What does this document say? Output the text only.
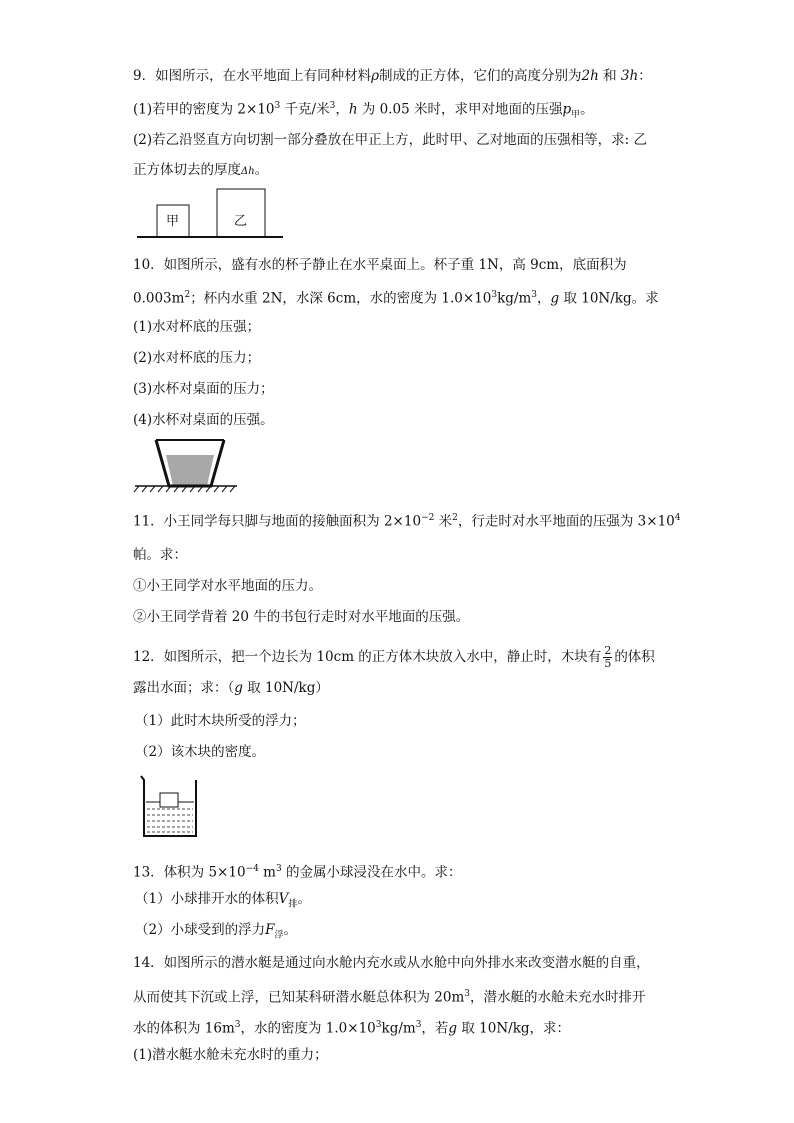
9．如图所示，在水平地面上有同种材料ρ制成的正方体，它们的高度分别为2h 和 3h：
(1)若甲的密度为 $2\times 10^3$ 千克/米$^3$，h 为 0.05 米时，求甲对地面的压强$p_甲$。
(2)若乙沿竖直方向切割一部分叠放在甲正上方，此时甲、乙对地面的压强相等，求: 乙
正方体切去的厚度Δh。
甲	乙
10．如图所示，盛有水的杯子静止在水平桌面上。杯子重 1N，高 9cm，底面积为
$0.003m^2$；杯内水重 2N，水深 6cm，水的密度为 $1.0\times 10^3kg/m^3$，g 取 10N/kg。求
(1)水对杯底的压强；
(2)水对杯底的压力；
(3)水杯对桌面的压力；
(4)水杯对桌面的压强。
11．小王同学每只脚与地面的接触面积为 $2\times 10^{-2}$ 米$^2$，行走时对水平地面的压强为 $3\times 10^4$
帕。求：
①小王同学对水平地面的压力。
②小王同学背着 20 牛的书包行走时对水平地面的压强。
12．如图所示，把一个边长为 10cm 的正方体木块放入水中，静止时，木块有 $\frac{2}{5}$ 的体积
露出水面；求：（g 取 10N/kg）
（1）此时木块所受的浮力；
（2）该木块的密度。
13．体积为 $5\times 10^{-4}$ $m^3$ 的金属小球浸没在水中。求：
（1）小球排开水的体积$V_排$。
（2）小球受到的浮力$F_浮$。
14．如图所示的潜水艇是通过向水舱内充水或从水舱中向外排水来改变潜水艇的自重，
从而使其下沉或上浮，已知某科研潜水艇总体积为 $20m^3$，潜水艇的水舱未充水时排开
水的体积为 $16m^3$，水的密度为 $1.0\times 10^3kg/m^3$，若g 取 10N/kg，求：
(1)潜水艇水舱未充水时的重力；
